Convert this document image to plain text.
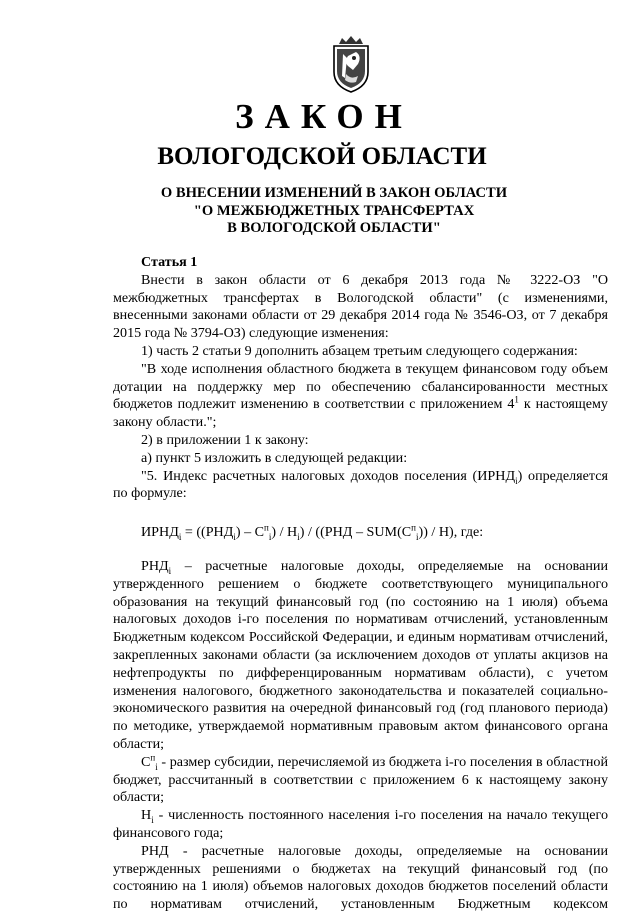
ЗАКОН
ВОЛОГОДСКОЙ ОБЛАСТИ
О ВНЕСЕНИИ ИЗМЕНЕНИЙ В ЗАКОН ОБЛАСТИ
"О МЕЖБЮДЖЕТНЫХ ТРАНСФЕРТАХ
В ВОЛОГОДСКОЙ ОБЛАСТИ"

Статья 1

Внести в закон области от 6 декабря 2013 года № 3222-ОЗ "О межбюджетных трансфертах в Вологодской области" (с изменениями, внесенными законами области от 29 декабря 2014 года № 3546-ОЗ, от 7 декабря 2015 года № 3794-ОЗ) следующие изменения:

1) часть 2 статьи 9 дополнить абзацем третьим следующего содержания:

"В ходе исполнения областного бюджета в текущем финансовом году объем дотации на поддержку мер по обеспечению сбалансированности местных бюджетов подлежит изменению в соответствии с приложением $4^1$ к настоящему закону области.";

2) в приложении 1 к закону:

а) пункт 5 изложить в следующей редакции:

"5. Индекс расчетных налоговых доходов поселения $(ИРНД_i)$ определяется по формуле:

$ИРНД_i = ((РНД_i) - С^п_i) / Н_i) / ((РНД - SUM(С^п_i)) / Н)$, где:

$РНД_i$ – расчетные налоговые доходы, определяемые на основании утвержденного решением о бюджете соответствующего муниципального образования на текущий финансовый год (по состоянию на 1 июля) объема налоговых доходов i-го поселения по нормативам отчислений, установленным Бюджетным кодексом Российской Федерации, и единым нормативам отчислений, закрепленных законами области (за исключением доходов от уплаты акцизов на нефтепродукты по дифференцированным нормативам области), с учетом изменения налогового, бюджетного законодательства и показателей социально-экономического развития на очередной финансовый год (год планового периода) по методике, утверждаемой нормативным правовым актом финансового органа области;

$С^п_i$ - размер субсидии, перечисляемой из бюджета i-го поселения в областной бюджет, рассчитанный в соответствии с приложением 6 к настоящему закону области;

$Н_i$ - численность постоянного населения i-го поселения на начало текущего финансового года;

РНД - расчетные налоговые доходы, определяемые на основании утвержденных решениями о бюджетах на текущий финансовый год (по состоянию на 1 июля) объемов налоговых доходов бюджетов поселений области по нормативам отчислений, установленным Бюджетным кодексом
